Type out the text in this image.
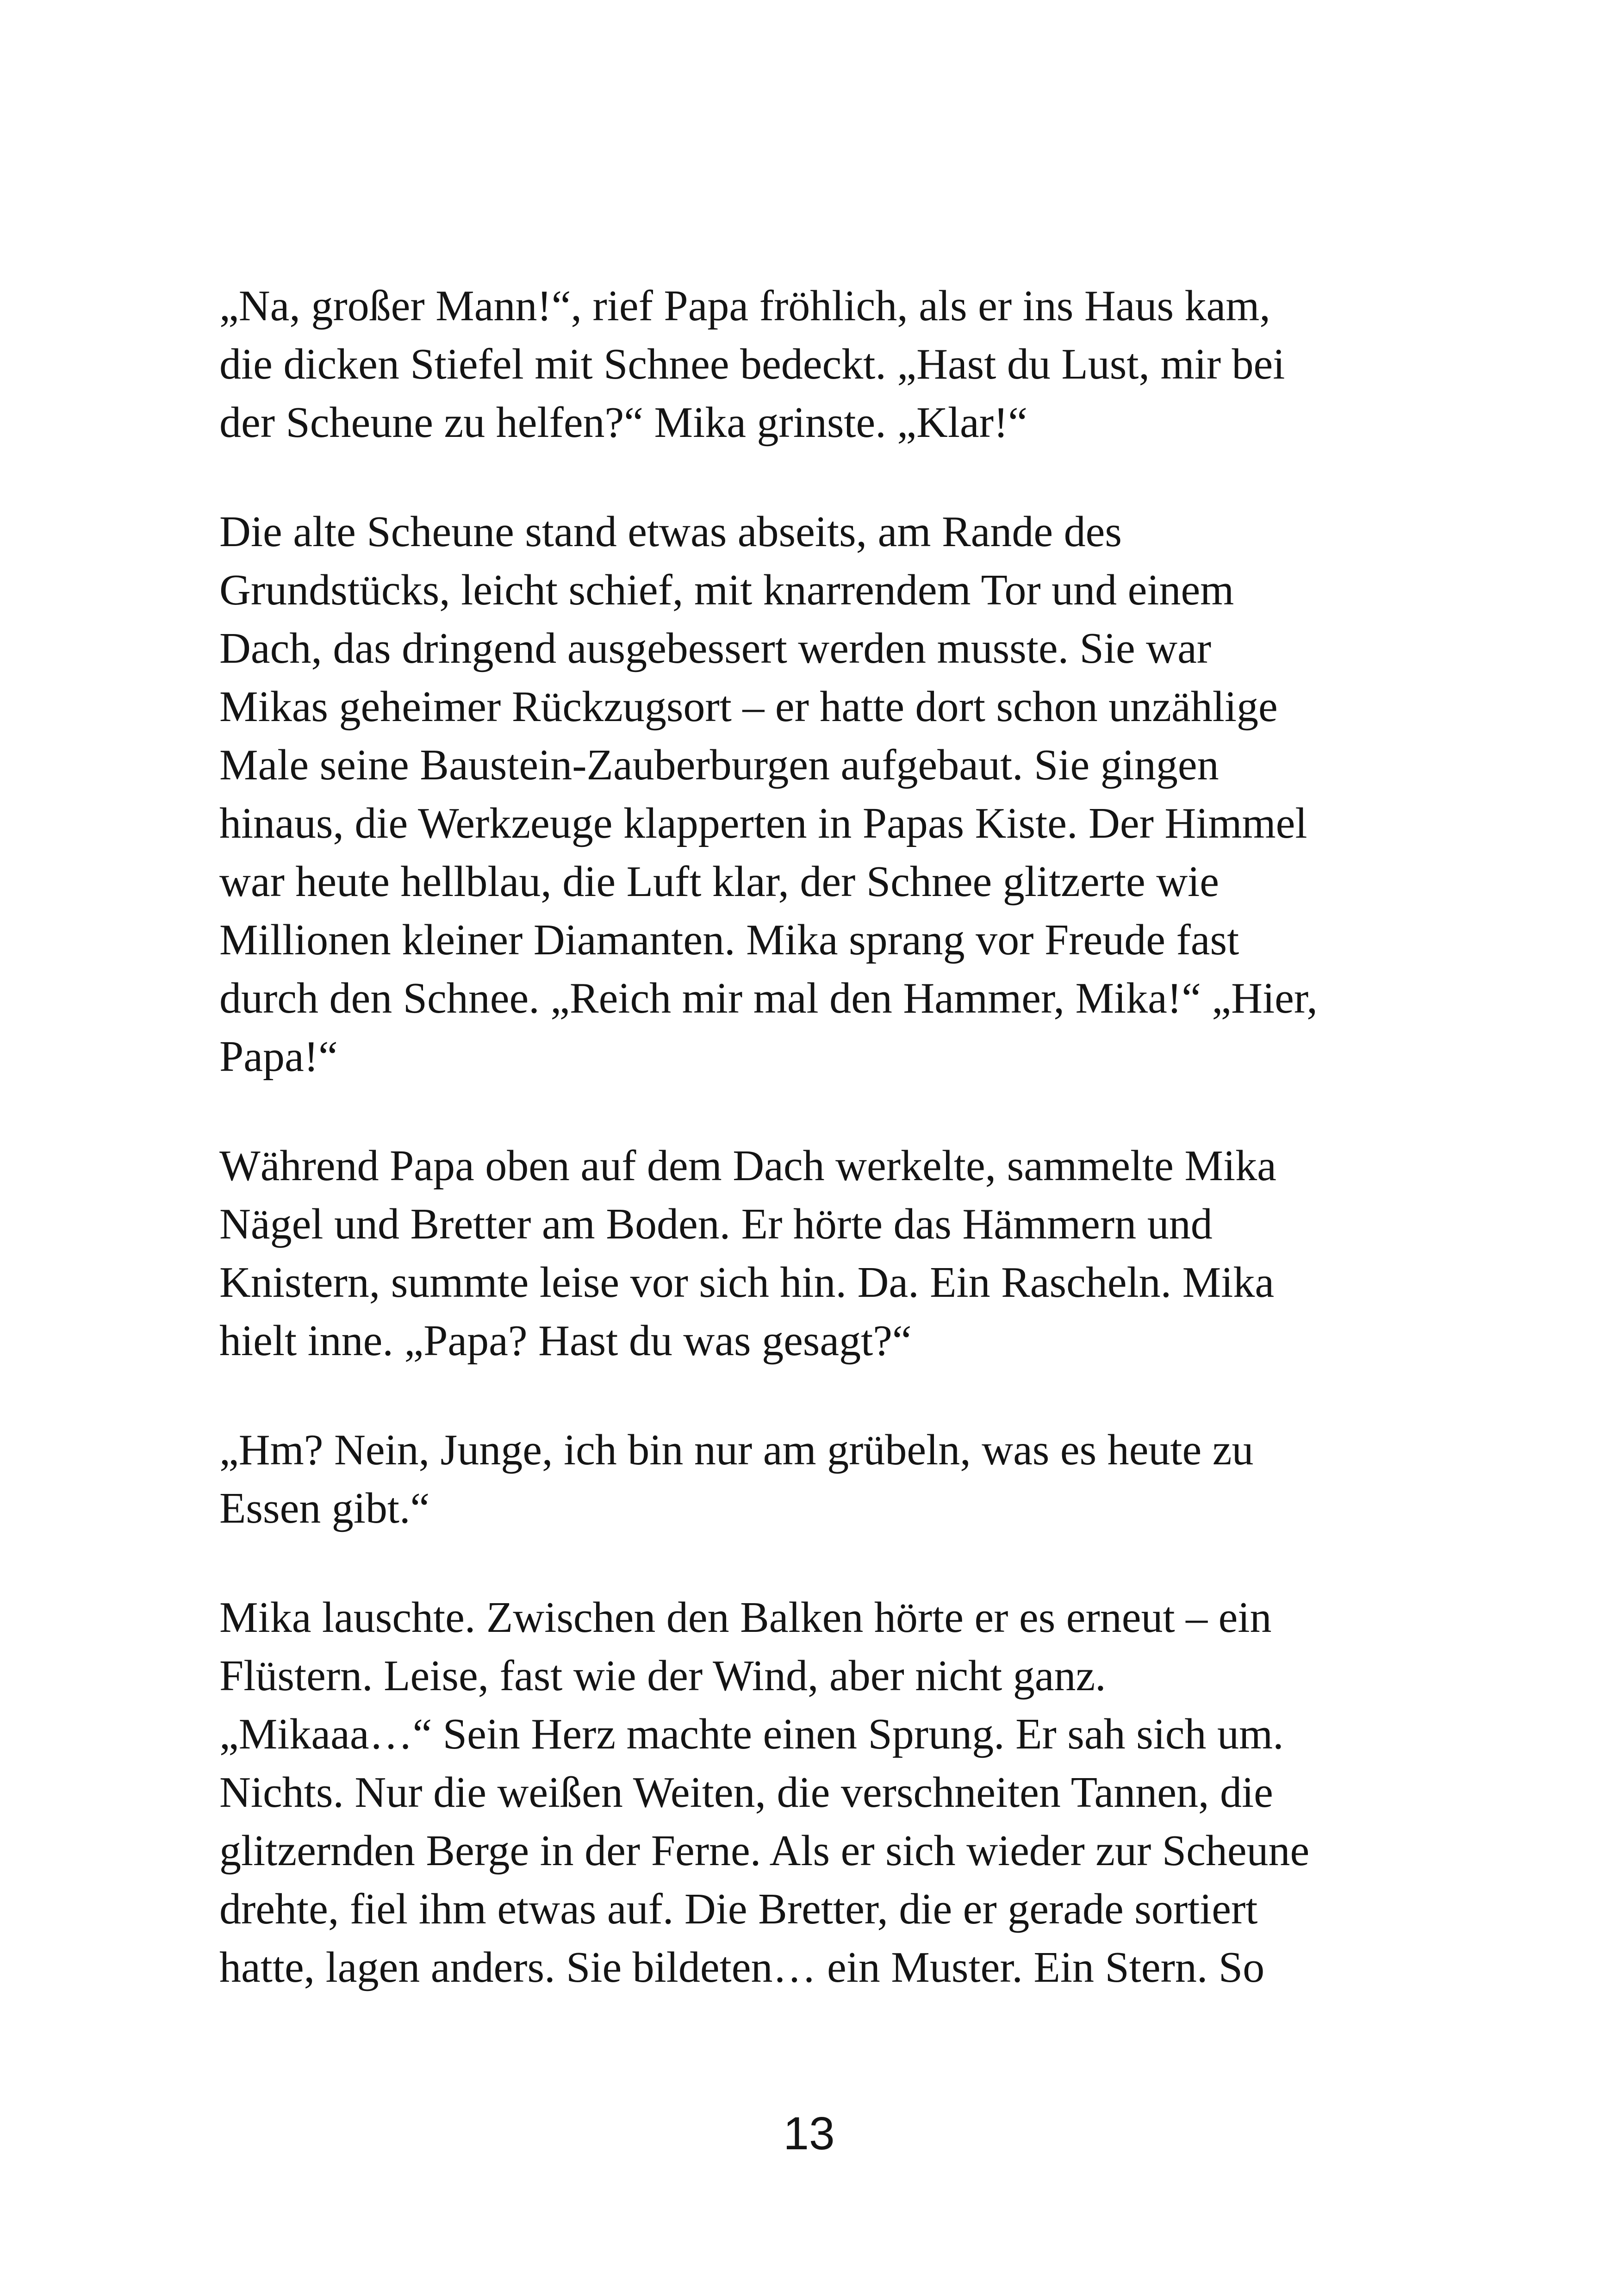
„Na, großer Mann!“, rief Papa fröhlich, als er ins Haus kam,
die dicken Stiefel mit Schnee bedeckt. „Hast du Lust, mir bei
der Scheune zu helfen?“ Mika grinste. „Klar!“

Die alte Scheune stand etwas abseits, am Rande des
Grundstücks, leicht schief, mit knarrendem Tor und einem
Dach, das dringend ausgebessert werden musste. Sie war
Mikas geheimer Rückzugsort – er hatte dort schon unzählige
Male seine Baustein-Zauberburgen aufgebaut. Sie gingen
hinaus, die Werkzeuge klapperten in Papas Kiste. Der Himmel
war heute hellblau, die Luft klar, der Schnee glitzerte wie
Millionen kleiner Diamanten. Mika sprang vor Freude fast
durch den Schnee. „Reich mir mal den Hammer, Mika!“ „Hier,
Papa!“

Während Papa oben auf dem Dach werkelte, sammelte Mika
Nägel und Bretter am Boden. Er hörte das Hämmern und
Knistern, summte leise vor sich hin. Da. Ein Rascheln. Mika
hielt inne. „Papa? Hast du was gesagt?“

„Hm? Nein, Junge, ich bin nur am grübeln, was es heute zu
Essen gibt.“

Mika lauschte. Zwischen den Balken hörte er es erneut – ein
Flüstern. Leise, fast wie der Wind, aber nicht ganz.
„Mikaaa…“ Sein Herz machte einen Sprung. Er sah sich um.
Nichts. Nur die weißen Weiten, die verschneiten Tannen, die
glitzernden Berge in der Ferne. Als er sich wieder zur Scheune
drehte, fiel ihm etwas auf. Die Bretter, die er gerade sortiert
hatte, lagen anders. Sie bildeten… ein Muster. Ein Stern. So

13
